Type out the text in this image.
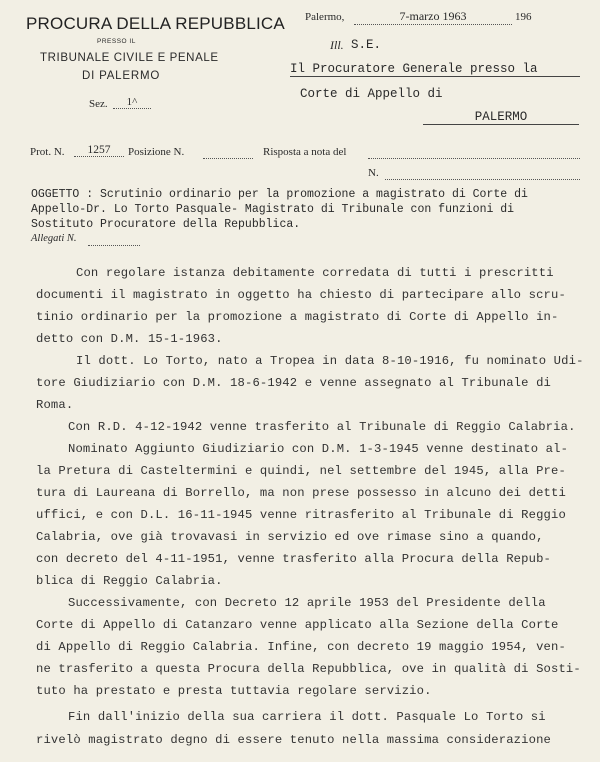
PROCURA DELLA REPUBBLICA
PRESSO IL
TRIBUNALE CIVILE E PENALE
DI PALERMO
Sez.	1^
Palermo,	7-marzo 1963	196
Ill. S.E.
Il Procuratore Generale presso la
Corte di Appello di
PALERMO
Prot. N.	1257	Posizione N.	Risposta a nota del
N.
OGGETTO : Scrutinio ordinario per la promozione a magistrato di Corte di
Appello-Dr. Lo Torto Pasquale- Magistrato di Tribunale con funzioni di
Sostituto Procuratore della Repubblica.
Allegati N.
Con regolare istanza debitamente corredata di tutti i prescritti
documenti il magistrato in oggetto ha chiesto di partecipare allo scru-
tinio ordinario per la promozione a magistrato di Corte di Appello in-
detto con D.M. 15-1-1963.
Il dott. Lo Torto, nato a Tropea in data 8-10-1916, fu nominato Udi-
tore Giudiziario con D.M. 18-6-1942 e venne assegnato al Tribunale di
Roma.
Con R.D. 4-12-1942 venne trasferito al Tribunale di Reggio Calabria.
Nominato Aggiunto Giudiziario con D.M. 1-3-1945 venne destinato al-
la Pretura di Casteltermini e quindi, nel settembre del 1945, alla Pre-
tura di Laureana di Borrello, ma non prese possesso in alcuno dei detti
uffici, e con D.L. 16-11-1945 venne ritrasferito al Tribunale di Reggio
Calabria, ove già trovavasi in servizio ed ove rimase sino a quando,
con decreto del 4-11-1951, venne trasferito alla Procura della Repub-
blica di Reggio Calabria.
Successivamente, con Decreto 12 aprile 1953 del Presidente della
Corte di Appello di Catanzaro venne applicato alla Sezione della Corte
di Appello di Reggio Calabria. Infine, con decreto 19 maggio 1954, ven-
ne trasferito a questa Procura della Repubblica, ove in qualità di Sosti-
tuto ha prestato e presta tuttavia regolare servizio.
Fin dall'inizio della sua carriera il dott. Pasquale Lo Torto si
rivelò magistrato degno di essere tenuto nella massima considerazione
